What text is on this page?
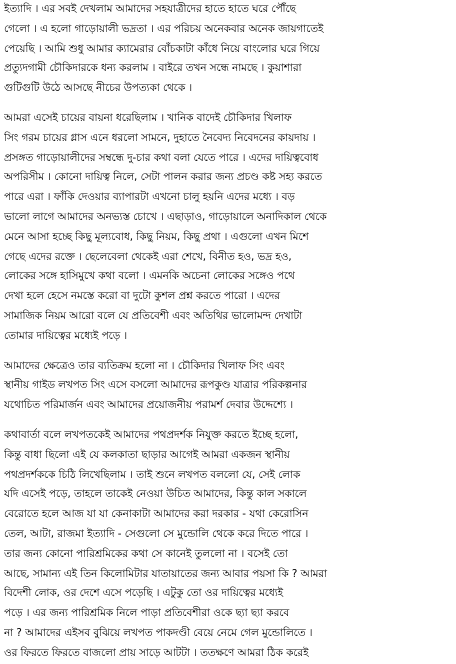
ইত্যাদি । এর সবই দেখলাম আমাদের সহযাত্রীদের হাতে হাতে ঘরে পৌঁছে
গেলো । এ হলো গাড়োয়ালী ভদ্রতা । এর পরিচয় অনেকবার অনেক জায়গাতেই
পেয়েছি । আমি শুধু আমার ক্যামেরার বোঁচকাটা কাঁধে নিয়ে বাংলোর ঘরে গিয়ে
প্রত্যুদগামী চৌকিদারকে ধন্য করলাম । বাইরে তখন সন্ধে নামছে । কুয়াশারা
গুটিগুটি উঠে আসছে নীচের উপত্যকা থেকে ।

আমরা এসেই চায়ের বায়না ধরেছিলাম । খানিক বাদেই চৌকিদার খিলাফ
সিং গরম চায়ের গ্লাস এনে ধরলো সামনে, দুহাতে নৈবেদ্য নিবেদনের কায়দায় ।
প্রসঙ্গত গাড়োয়ালীদের সম্বন্ধে দু-চার কথা বলা যেতে পারে । এদের দায়িত্ববোধ
অপরিসীম । কোনো দায়িত্ব নিলে, সেটা পালন করার জন্য প্রচণ্ড কষ্ট সহ্য করতে
পারে এরা । ফাঁকি দেওয়ার ব্যাপারটা এখনো চালু হয়নি এদের মধ্যে । বড়
ভালো লাগে আমাদের অনভ্যস্ত চোখে । এছাড়াও, গাড়োয়ালে অনাদিকাল থেকে
মেনে আসা হচ্ছে কিছু মূল্যবোধ, কিছু নিয়ম, কিছু প্রথা । এগুলো এখন মিশে
গেছে এদের রক্তে । ছেলেবেলা থেকেই এরা শেখে, বিনীত হও, ভদ্র হও,
লোকের সঙ্গে হাসিমুখে কথা বলো । এমনকি অচেনা লোকের সঙ্গেও পথে
দেখা হলে হেসে নমস্তে করো বা দুটো কুশল প্রশ্ন করতে পারো । এদের
সামাজিক নিয়ম আরো বলে যে প্রতিবেশী এবং অতিথির ভালোমন্দ দেখাটা
তোমার দায়িত্বের মধ্যেই পড়ে ।

আমাদের ক্ষেত্রেও তার ব্যতিক্রম হলো না । চৌকিদার খিলাফ সিং এবং
স্থানীয় গাইড লখপত সিং এসে বসলো আমাদের রূপকুণ্ড যাত্রার পরিকল্পনার
যথোচিত পরিমার্জন এবং আমাদের প্রয়োজনীয় পরামর্শ দেবার উদ্দেশ্যে ।

কথাবার্তা বলে লখপতকেই আমাদের পথপ্রদর্শক নিযুক্ত করতে ইচ্ছে হলো,
কিন্তু বাধা ছিলো এই যে কলকাতা ছাড়ার আগেই আমরা একজন স্থানীয়
পথপ্রদর্শককে চিঠি লিখেছিলাম । তাই শুনে লখপত বললো যে, সেই লোক
যদি এসেই পড়ে, তাহলে তাকেই নেওয়া উচিত আমাদের, কিন্তু কাল সকালে
বেরোতে হলে আজ যা যা কেনাকাটা আমাদের করা দরকার - যথা কেরোসিন
তেল, আটা, রাজমা ইত্যাদি - সেগুলো সে মুন্ডোলি থেকে করে দিতে পারে ।
তার জন্য কোনো পারিশ্রমিকের কথা সে কানেই তুললো না । বসেই তো
আছে, সামান্য এই তিন কিলোমিটার যাতায়াতের জন্য আবার পয়সা কি ? আমরা
বিদেশী লোক, ওর দেশে এসে পড়েছি । এটুকু তো ওর দায়িত্বের মধ্যেই
পড়ে । এর জন্য পারিশ্রমিক নিলে পাড়া প্রতিবেশীরা ওকে ছ্যা ছ্যা করবে
না ? আমাদের এইসব বুঝিয়ে লখপত পাকদণ্ডী বেয়ে নেমে গেল মুন্ডোলিতে ।
ওর ফিরতে ফিরতে বাজলো প্রায় সাড়ে আটটা । ততক্ষণে আমরা ঠিক করেই
